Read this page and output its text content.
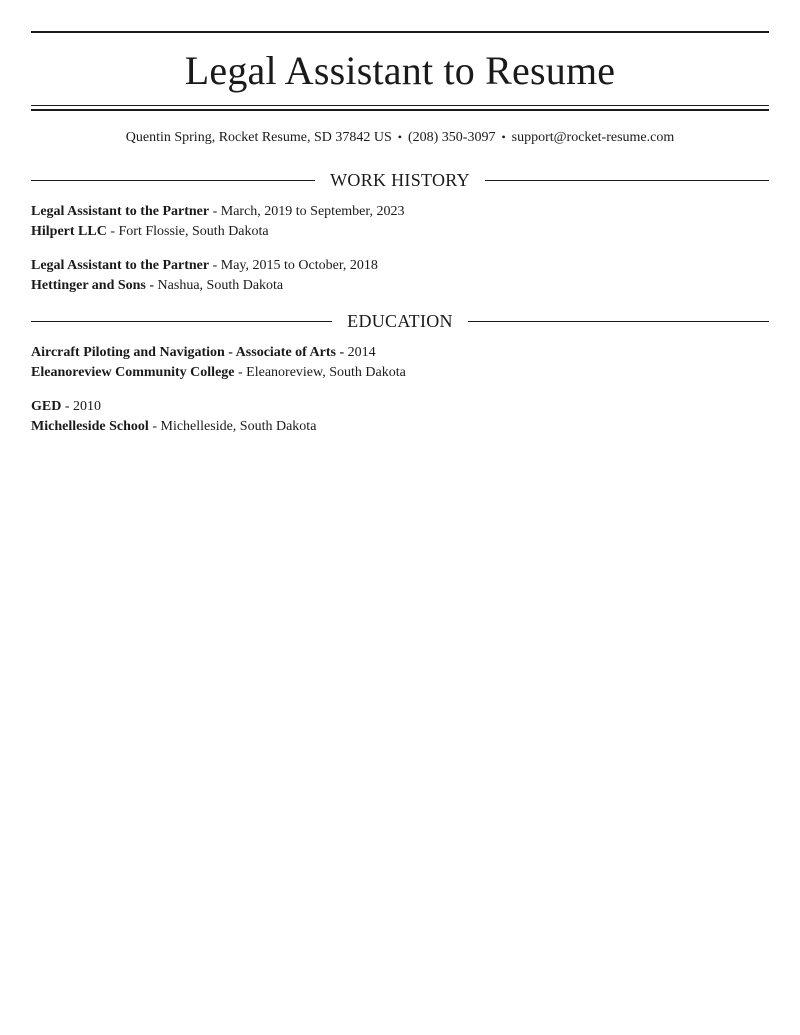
Legal Assistant to Resume
Quentin Spring, Rocket Resume, SD 37842 US • (208) 350-3097 • support@rocket-resume.com
WORK HISTORY
Legal Assistant to the Partner - March, 2019 to September, 2023
Hilpert LLC - Fort Flossie, South Dakota
Legal Assistant to the Partner - May, 2015 to October, 2018
Hettinger and Sons - Nashua, South Dakota
EDUCATION
Aircraft Piloting and Navigation - Associate of Arts - 2014
Eleanoreview Community College - Eleanoreview, South Dakota
GED - 2010
Michelleside School - Michelleside, South Dakota
